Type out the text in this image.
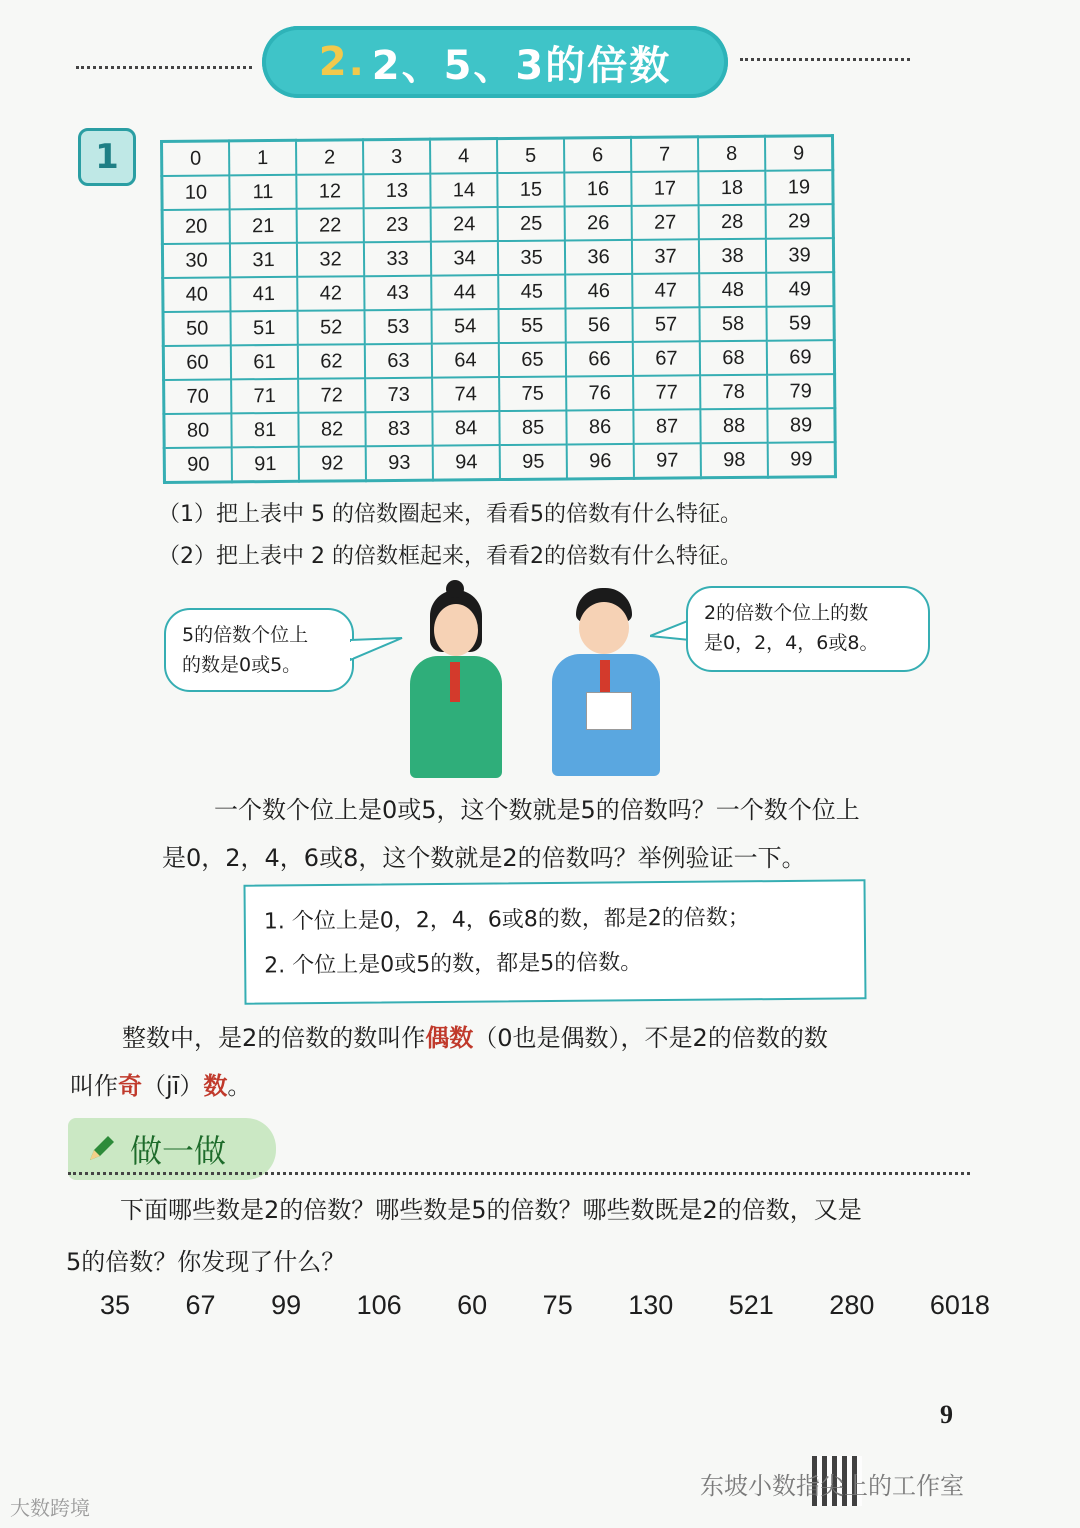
2. 2、5、3的倍数
1	0	1	2	3	4	5	6	7	8	9
10	11	12	13	14	15	16	17	18	19
20	21	22	23	24	25	26	27	28	29
30	31	32	33	34	35	36	37	38	39
40	41	42	43	44	45	46	47	48	49
50	51	52	53	54	55	56	57	58	59
60	61	62	63	64	65	66	67	68	69
70	71	72	73	74	75	76	77	78	79
80	81	82	83	84	85	86	87	88	89
90	91	92	93	94	95	96	97	98	99
（1）把上表中 5 的倍数圈起来，看看5的倍数有什么特征。
（2）把上表中 2 的倍数框起来，看看2的倍数有什么特征。
5的倍数个位上
的数是0或5。
2的倍数个位上的数
是0，2，4，6或8。
一个数个位上是0或5，这个数就是5的倍数吗？一个数个位上
是0，2，4，6或8，这个数就是2的倍数吗？举例验证一下。
1. 个位上是0，2，4，6或8的数，都是2的倍数；
2. 个位上是0或5的数，都是5的倍数。
整数中，是2的倍数的数叫作偶数（0也是偶数），不是2的倍数的数
叫作奇（jī）数。
做一做
下面哪些数是2的倍数？哪些数是5的倍数？哪些数既是2的倍数，又是
5的倍数？你发现了什么？
35 67 99 106 60 75 130 521 280 6018
9
东坡小数指尖上的工作室
大数跨境
